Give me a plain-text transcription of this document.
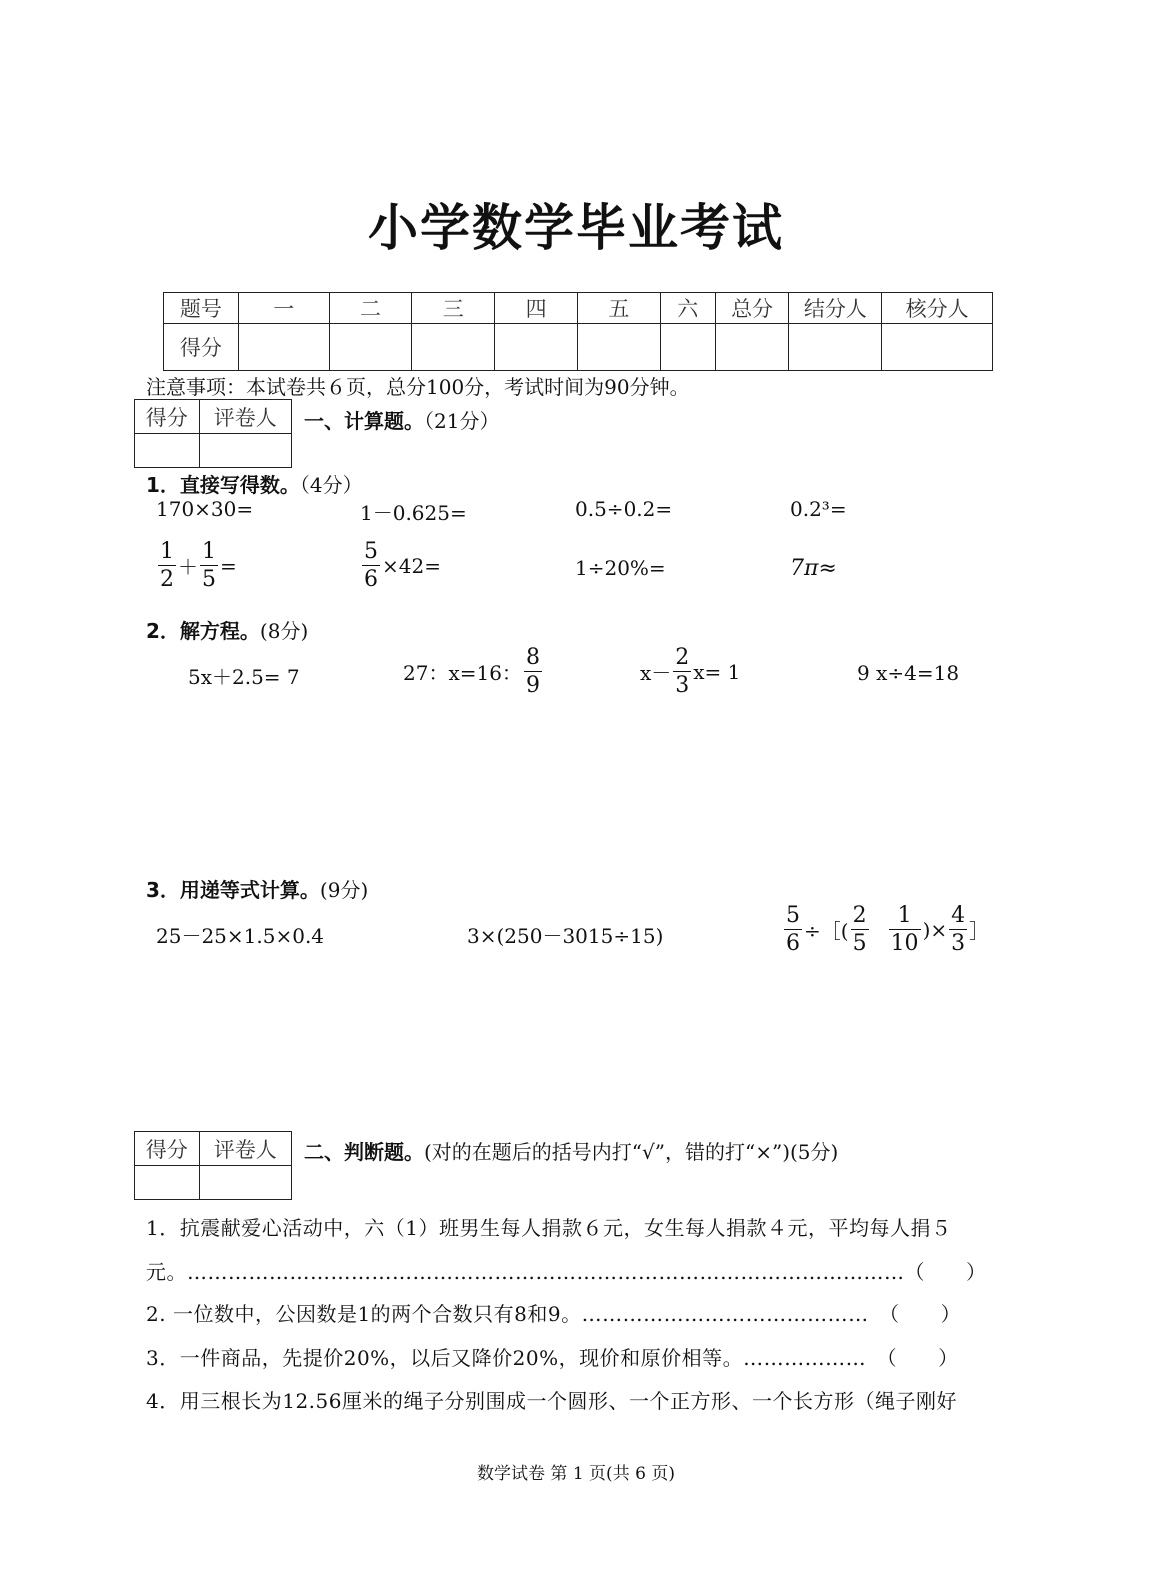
小学数学毕业考试
题号	一	二	三	四	五	六	总分	结分人	核分人
得分									
注意事项：本试卷共６页，总分100分，考试时间为90分钟。
得分	评卷人
	一、计算题。（21分）
1．直接写得数。（4分）
170×30=	1－0.625=	0.5÷0.2=	0.2³=
$\frac{1}{2} + \frac{1}{5}$ =	$\frac{5}{6} \times 42=$	1÷20%=	7π≈
2．解方程。(8分)
5x＋2.5= 7	27：x=16： $\frac{8}{9}$	$x- \frac{2}{3} x= 1$	9 x÷4=18
3．用递等式计算。(9分)
25－25×1.5×0.4	3×(250－3015÷15)	$\frac{5}{6}$ ÷［( $\frac{2}{5} \frac{1}{10}$ )× $\frac{4}{3}$ ］
得分	评卷人
	二、判断题。(对的在题后的括号内打“√”，错的打“×”)(5分)
1．抗震献爱心活动中，六（1）班男生每人捐款６元，女生每人捐款４元，平均每人捐５
元。……………………………………………………………………………………………（　　）
2. 一位数中，公因数是1的两个合数只有8和9。……………………………………　（　　）
3．一件商品，先提价20%，以后又降价20%，现价和原价相等。………………　（　　）
4．用三根长为12.56厘米的绳子分别围成一个圆形、一个正方形、一个长方形（绳子刚好
数学试卷 第 1 页(共 6 页)
